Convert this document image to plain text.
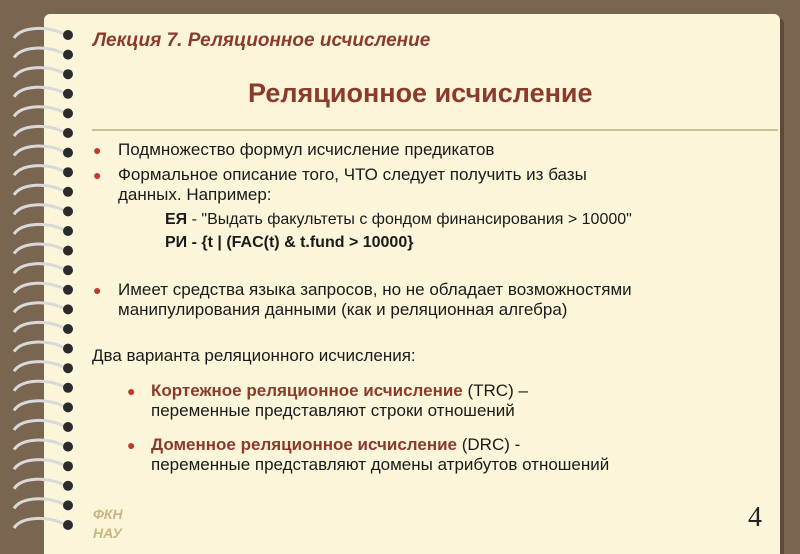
Лекция 7. Реляционное исчисление
Реляционное исчисление

● Подмножество формул исчисление предикатов

● Формальное описание того, ЧТО следует получить из базы
данных. Например:

ЕЯ - "Выдать факультеты с фондом финансирования > 10000"
РИ - {t | (FAC(t) & t.fund > 10000}

● Имеет средства языка запросов, но не обладает возможностями
манипулирования данными (как и реляционная алгебра)

Два варианта реляционного исчисления:

● Кортежное реляционное исчисление (TRC) –
переменные представляют строки отношений

● Доменное реляционное исчисление (DRC) -
переменные представляют домены атрибутов отношений

ФКН
НАУ	4
